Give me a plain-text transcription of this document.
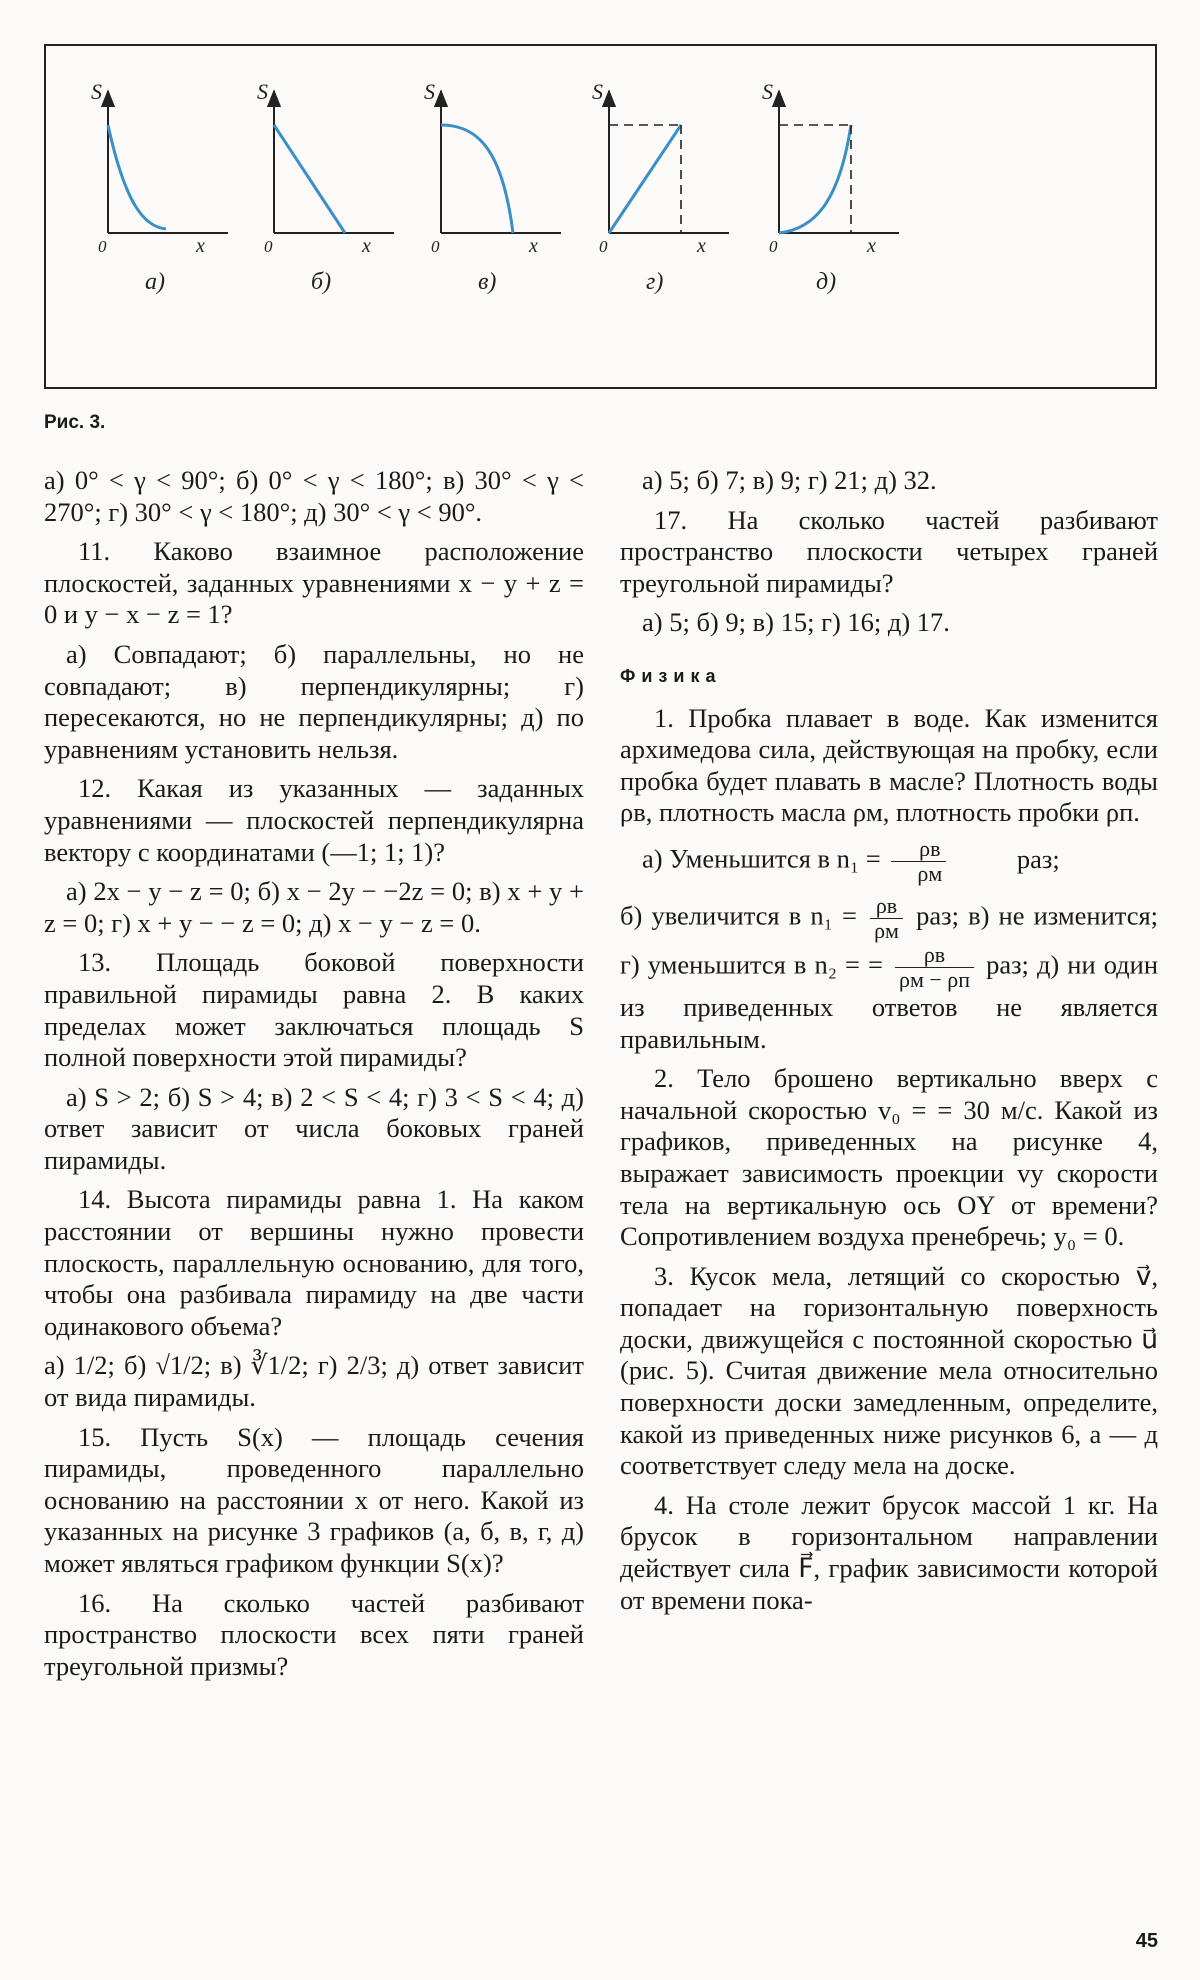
S
x
0
а)
S
x
0
б)
S
x
0
в)
S
x
0
г)
S
x
0
д)
Рис. 3.

а) 0° < γ < 90°; б) 0° < γ < 180°; в) 30° < γ < 270°; г) 30° < γ < 180°; д) 30° < γ < 90°.

11. Каково взаимное расположение плоскостей, заданных уравнениями x − y + z = 0 и y − x − z = 1?

а) Совпадают; б) параллельны, но не совпадают; в) перпендикулярны; г) пересекаются, но не перпендикулярны; д) по уравнениям установить нельзя.

12. Какая из указанных — заданных уравнениями — плоскостей перпендикулярна вектору с координатами (—1; 1; 1)?

а) 2x − y − z = 0; б) x − 2y − −2z = 0; в) x + y + z = 0; г) x + y − − z = 0; д) x − y − z = 0.

13. Площадь боковой поверхности правильной пирамиды равна 2. В каких пределах может заключаться площадь S полной поверхности этой пирамиды?

а) S > 2; б) S > 4; в) 2 < S < 4; г) 3 < S < 4; д) ответ зависит от числа боковых граней пирамиды.

14. Высота пирамиды равна 1. На каком расстоянии от вершины нужно провести плоскость, параллельную основанию, для того, чтобы она разбивала пирамиду на две части одинакового объема?

а) 1/2; б) √1/2; в) ∛1/2; г) 2/3; д) ответ зависит от вида пирамиды.

15. Пусть S(x) — площадь сечения пирамиды, проведенного параллельно основанию на расстоянии x от него. Какой из указанных на рисунке 3 графиков (а, б, в, г, д) может являться графиком функции S(x)?

16. На сколько частей разбивают пространство плоскости всех пяти граней треугольной призмы?

а) 5; б) 7; в) 9; г) 21; д) 32.

17. На сколько частей разбивают пространство плоскости четырех граней треугольной пирамиды?

а) 5; б) 9; в) 15; г) 16; д) 17.

Физика

1. Пробка плавает в воде. Как изменится архимедова сила, действующая на пробку, если пробка будет плавать в масле? Плотность воды ρв, плотность масла ρм, плотность пробки ρп.

а) Уменьшится в $n_1 = \frac{\rho в}{\rho м}$	раз;

б) увеличится в $n_1 = \frac{\rho в}{\rho м}$ раз; в) не изменится; г) уменьшится в n₂ = = $\frac{\rho в}{\rho м - \rho п}$ раз; д) ни один из приведенных ответов не является правильным.

2. Тело брошено вертикально вверх с начальной скоростью v₀ = = 30 м/с. Какой из графиков, приведенных на рисунке 4, выражает зависимость проекции vy скорости тела на вертикальную ось OY от времени? Сопротивлением воздуха пренебречь; y₀ = 0.

3. Кусок мела, летящий со скоростью v⃗, попадает на горизонтальную поверхность доски, движущейся с постоянной скоростью u⃗ (рис. 5). Считая движение мела относительно поверхности доски замедленным, определите, какой из приведенных ниже рисунков 6, а — д соответствует следу мела на доске.

4. На столе лежит брусок массой 1 кг. На брусок в горизонтальном направлении действует сила F⃗, график зависимости которой от времени пока-

45
